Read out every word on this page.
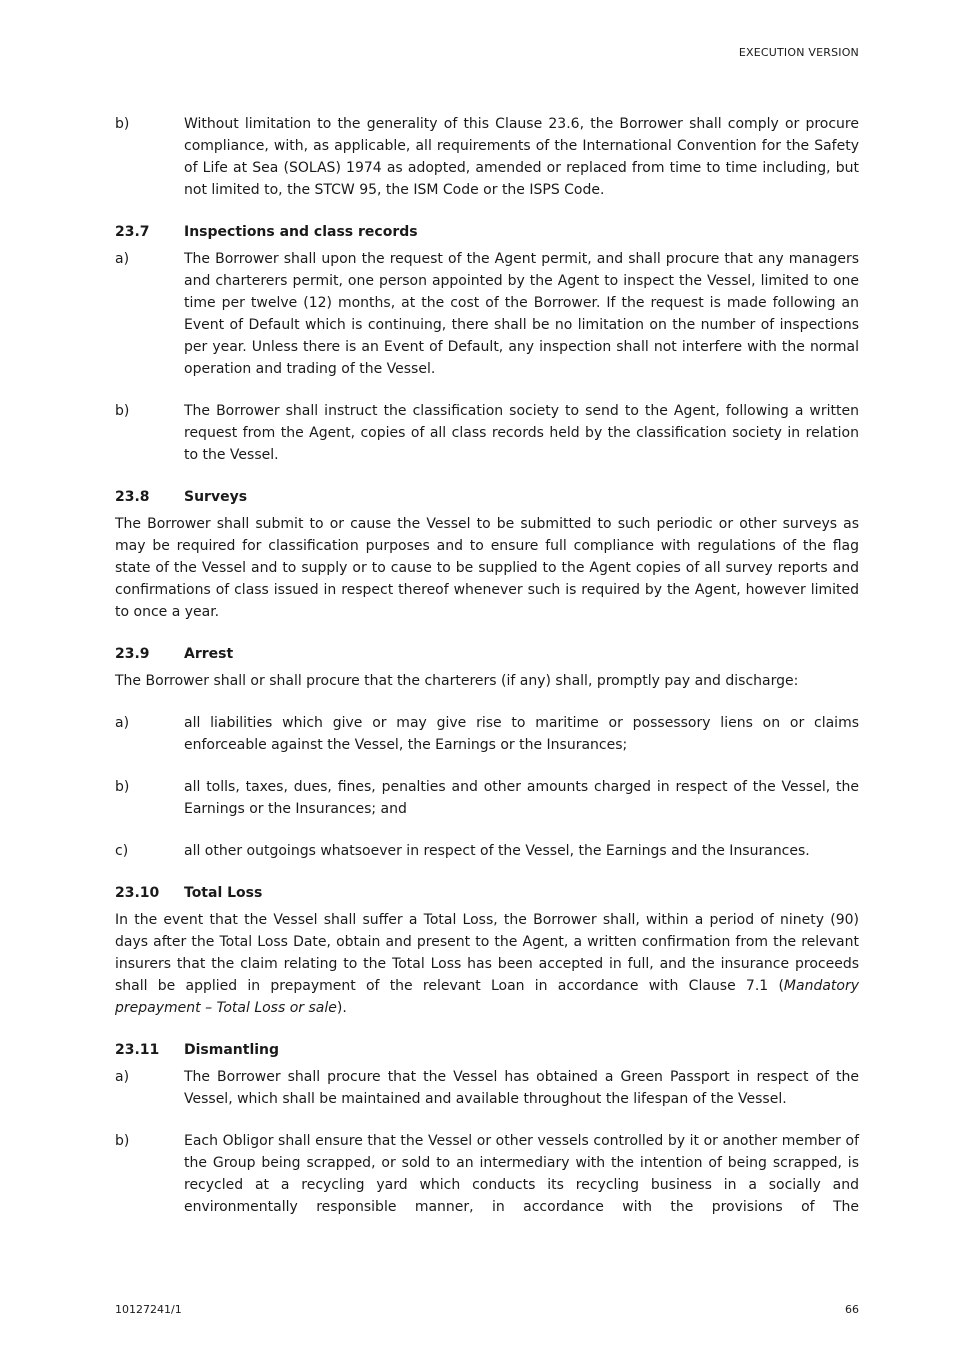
EXECUTION VERSION
b)	Without limitation to the generality of this Clause 23.6, the Borrower shall comply or procure compliance, with, as applicable, all requirements of the International Convention for the Safety of Life at Sea (SOLAS) 1974 as adopted, amended or replaced from time to time including, but not limited to, the STCW 95, the ISM Code or the ISPS Code.
23.7	Inspections and class records
a)	The Borrower shall upon the request of the Agent permit, and shall procure that any managers and charterers permit, one person appointed by the Agent to inspect the Vessel, limited to one time per twelve (12) months, at the cost of the Borrower. If the request is made following an Event of Default which is continuing, there shall be no limitation on the number of inspections per year. Unless there is an Event of Default, any inspection shall not interfere with the normal operation and trading of the Vessel.
b)	The Borrower shall instruct the classification society to send to the Agent, following a written request from the Agent, copies of all class records held by the classification society in relation to the Vessel.
23.8	Surveys
The Borrower shall submit to or cause the Vessel to be submitted to such periodic or other surveys as may be required for classification purposes and to ensure full compliance with regulations of the flag state of the Vessel and to supply or to cause to be supplied to the Agent copies of all survey reports and confirmations of class issued in respect thereof whenever such is required by the Agent, however limited to once a year.
23.9	Arrest
The Borrower shall or shall procure that the charterers (if any) shall, promptly pay and discharge:
a)	all liabilities which give or may give rise to maritime or possessory liens on or claims enforceable against the Vessel, the Earnings or the Insurances;
b)	all tolls, taxes, dues, fines, penalties and other amounts charged in respect of the Vessel, the Earnings or the Insurances; and
c)	all other outgoings whatsoever in respect of the Vessel, the Earnings and the Insurances.
23.10	Total Loss
In the event that the Vessel shall suffer a Total Loss, the Borrower shall, within a period of ninety (90) days after the Total Loss Date, obtain and present to the Agent, a written confirmation from the relevant insurers that the claim relating to the Total Loss has been accepted in full, and the insurance proceeds shall be applied in prepayment of the relevant Loan in accordance with Clause 7.1 (Mandatory prepayment – Total Loss or sale).
23.11	Dismantling
a)	The Borrower shall procure that the Vessel has obtained a Green Passport in respect of the Vessel, which shall be maintained and available throughout the lifespan of the Vessel.
b)	Each Obligor shall ensure that the Vessel or other vessels controlled by it or another member of the Group being scrapped, or sold to an intermediary with the intention of being scrapped, is recycled at a recycling yard which conducts its recycling business in a socially and environmentally responsible manner, in accordance with the provisions of The
10127241/1	66
